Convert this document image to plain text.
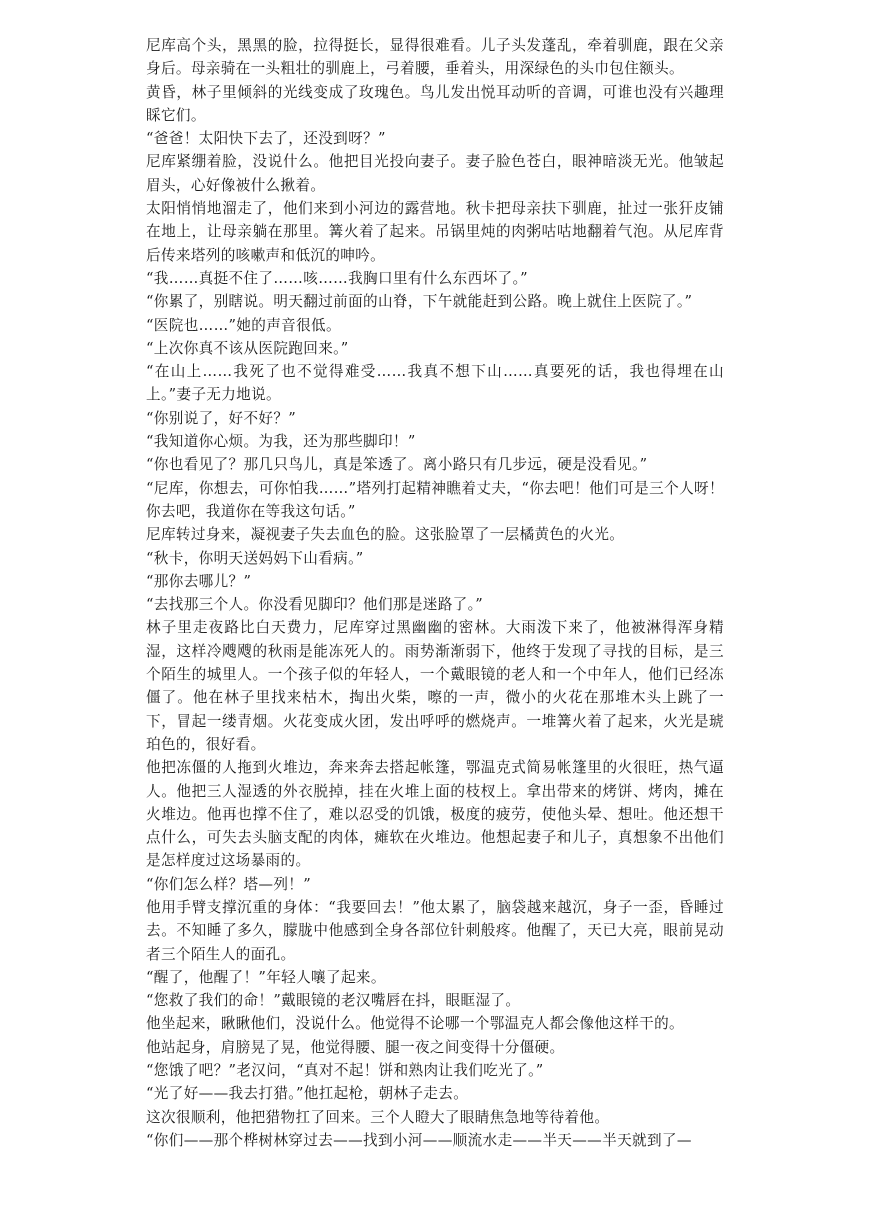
尼库高个头，黑黑的脸，拉得挺长，显得很难看。儿子头发蓬乱，牵着驯鹿，跟在父亲身后。母亲骑在一头粗壮的驯鹿上，弓着腰，垂着头，用深绿色的头巾包住额头。

黄昏，林子里倾斜的光线变成了玫瑰色。鸟儿发出悦耳动听的音调，可谁也没有兴趣理睬它们。

“爸爸！太阳快下去了，还没到呀？”

尼库紧绷着脸，没说什么。他把目光投向妻子。妻子脸色苍白，眼神暗淡无光。他皱起眉头，心好像被什么揪着。

太阳悄悄地溜走了，他们来到小河边的露营地。秋卡把母亲扶下驯鹿，扯过一张犴皮铺在地上，让母亲躺在那里。篝火着了起来。吊锅里炖的肉粥咕咕地翻着气泡。从尼库背后传来塔列的咳嗽声和低沉的呻吟。

“我……真挺不住了……咳……我胸口里有什么东西坏了。”

“你累了，别瞎说。明天翻过前面的山脊，下午就能赶到公路。晚上就住上医院了。”

“医院也……”她的声音很低。

“上次你真不该从医院跑回来。”

“在山上……我死了也不觉得难受……我真不想下山……真要死的话，我也得埋在山上。”妻子无力地说。

“你别说了，好不好？”

“我知道你心烦。为我，还为那些脚印！”

“你也看见了？那几只鸟儿，真是笨透了。离小路只有几步远，硬是没看见。”

“尼库，你想去，可你怕我……”塔列打起精神瞧着丈夫，“你去吧！他们可是三个人呀！你去吧，我道你在等我这句话。”

尼库转过身来，凝视妻子失去血色的脸。这张脸罩了一层橘黄色的火光。

“秋卡，你明天送妈妈下山看病。”

“那你去哪儿？”

“去找那三个人。你没看见脚印？他们那是迷路了。”

林子里走夜路比白天费力，尼库穿过黑幽幽的密林。大雨泼下来了，他被淋得浑身精湿，这样冷飕飕的秋雨是能冻死人的。雨势渐渐弱下，他终于发现了寻找的目标，是三个陌生的城里人。一个孩子似的年轻人，一个戴眼镜的老人和一个中年人，他们已经冻僵了。他在林子里找来枯木，掏出火柴，嚓的一声，微小的火花在那堆木头上跳了一下，冒起一缕青烟。火花变成火团，发出呼呼的燃烧声。一堆篝火着了起来，火光是琥珀色的，很好看。

他把冻僵的人拖到火堆边，奔来奔去搭起帐篷，鄂温克式简易帐篷里的火很旺，热气逼人。他把三人湿透的外衣脱掉，挂在火堆上面的枝杈上。拿出带来的烤饼、烤肉，摊在火堆边。他再也撑不住了，难以忍受的饥饿，极度的疲劳，使他头晕、想吐。他还想干点什么，可失去头脑支配的肉体，瘫软在火堆边。他想起妻子和儿子，真想象不出他们是怎样度过这场暴雨的。

“你们怎么样？塔—列！”

他用手臂支撑沉重的身体：“我要回去！”他太累了，脑袋越来越沉，身子一歪，昏睡过去。不知睡了多久，朦胧中他感到全身各部位针刺般疼。他醒了，天已大亮，眼前晃动者三个陌生人的面孔。

“醒了，他醒了！”年轻人嚷了起来。

“您救了我们的命！”戴眼镜的老汉嘴唇在抖，眼眶湿了。

他坐起来，瞅瞅他们，没说什么。他觉得不论哪一个鄂温克人都会像他这样干的。

他站起身，肩膀晃了晃，他觉得腰、腿一夜之间变得十分僵硬。

“您饿了吧？”老汉问，“真对不起！饼和熟肉让我们吃光了。”

“光了好——我去打猎。”他扛起枪，朝林子走去。

这次很顺利，他把猎物扛了回来。三个人瞪大了眼睛焦急地等待着他。

“你们——那个桦树林穿过去——找到小河——顺流水走——半天——半天就到了—
